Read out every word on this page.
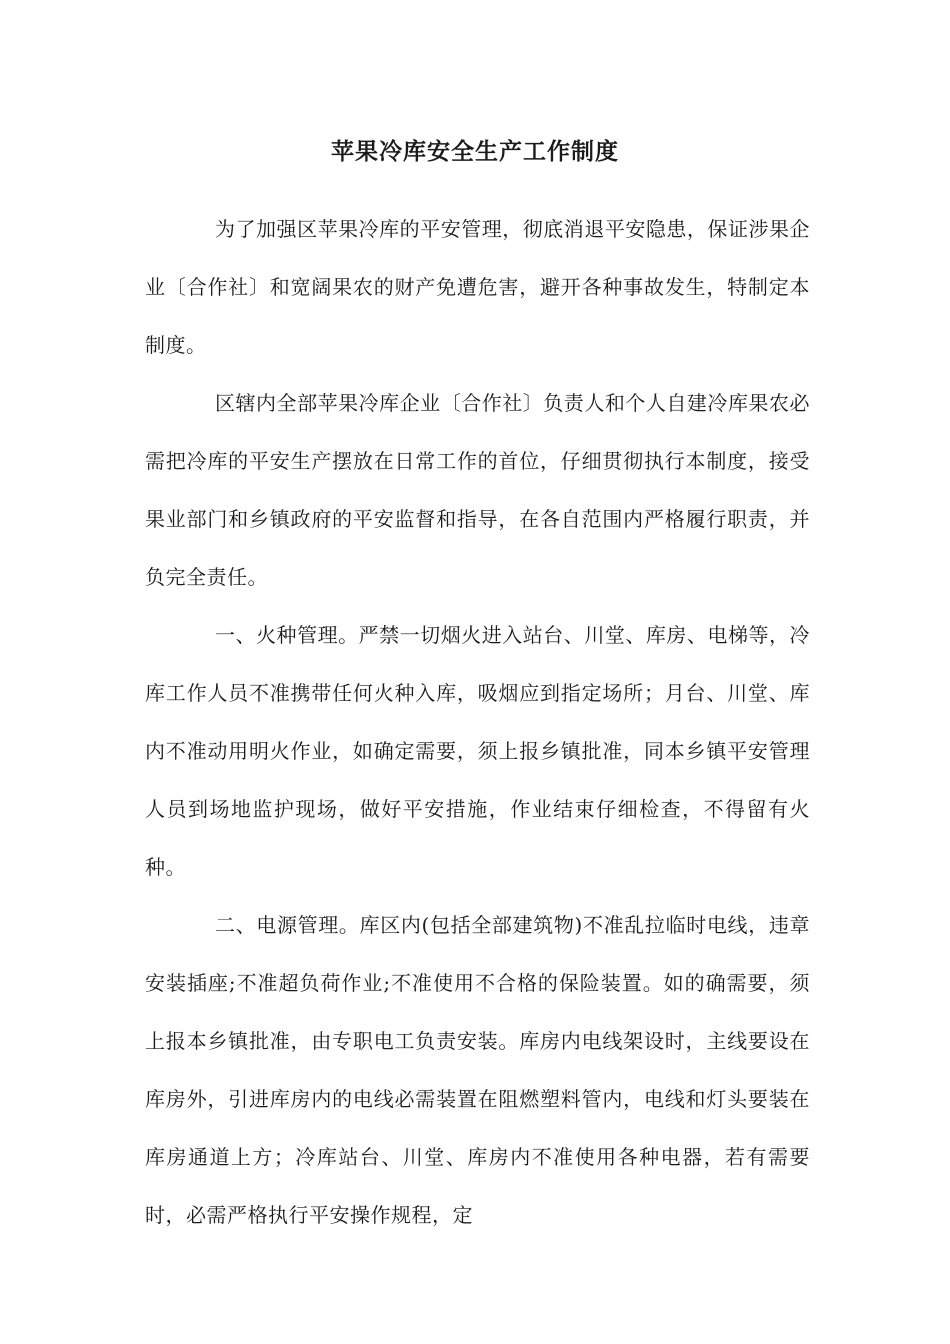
苹果冷库安全生产工作制度

为了加强区苹果冷库的平安管理，彻底消退平安隐患，保证涉果企业〔合作社〕和宽阔果农的财产免遭危害，避开各种事故发生，特制定本制度。

区辖内全部苹果冷库企业〔合作社〕负责人和个人自建冷库果农必需把冷库的平安生产摆放在日常工作的首位，仔细贯彻执行本制度，接受果业部门和乡镇政府的平安监督和指导，在各自范围内严格履行职责，并负完全责任。

一、火种管理。严禁一切烟火进入站台、川堂、库房、电梯等，冷库工作人员不准携带任何火种入库，吸烟应到指定场所；月台、川堂、库内不准动用明火作业，如确定需要，须上报乡镇批准，同本乡镇平安管理人员到场地监护现场，做好平安措施，作业结束仔细检查，不得留有火种。

二、电源管理。库区内(包括全部建筑物)不准乱拉临时电线，违章安装插座;不准超负荷作业;不准使用不合格的保险装置。如的确需要，须上报本乡镇批准，由专职电工负责安装。库房内电线架设时，主线要设在库房外，引进库房内的电线必需装置在阻燃塑料管内，电线和灯头要装在库房通道上方；冷库站台、川堂、库房内不准使用各种电器，若有需要时，必需严格执行平安操作规程，定
